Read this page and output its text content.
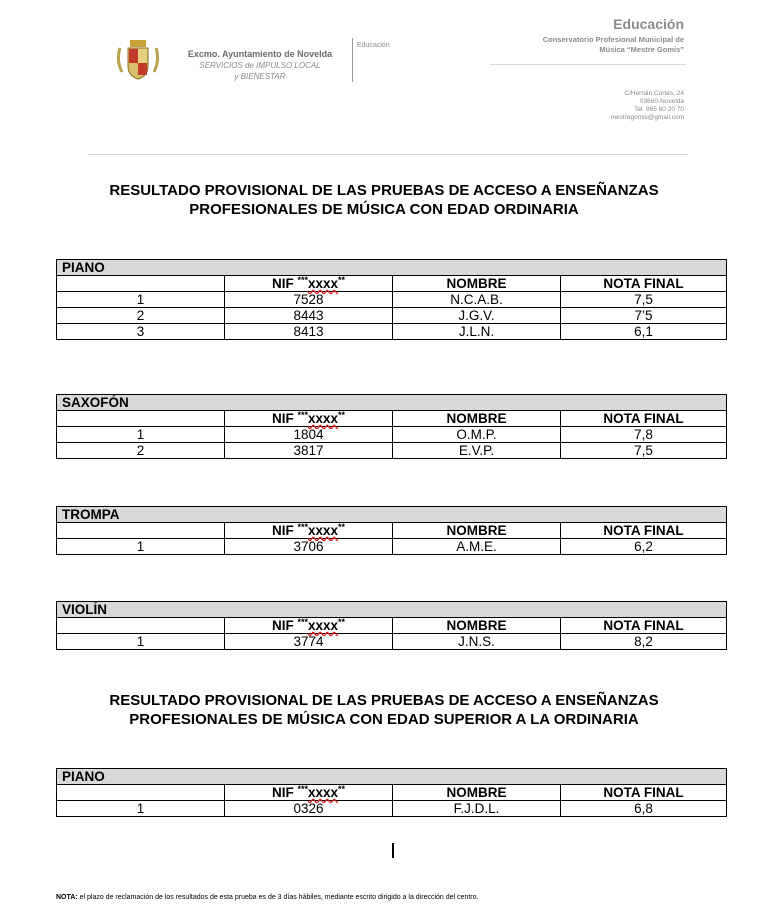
Excmo. Ayuntamiento de Novelda
SERVICIOS de IMPULSO LOCAL
y BIENESTAR
Educación
Educación
Conservatorio Profesional Municipal de
Música “Mestre Gomis”
C/Hernán Cortés, 24
03660-Novelda
Tel. 965 60 20 70
mestregomis@gmail.com
RESULTADO PROVISIONAL DE LAS PRUEBAS DE ACCESO A ENSEÑANZAS
PROFESIONALES DE MÚSICA CON EDAD ORDINARIA
PIANO			
	NIF ***xxxx**	NOMBRE	NOTA FINAL
1	7528	N.C.A.B.	7,5
2	8443	J.G.V.	7’5
3	8413	J.L.N.	6,1
SAXOFÓN			
	NIF ***xxxx**	NOMBRE	NOTA FINAL
1	1804	O.M.P.	7,8
2	3817	E.V.P.	7,5
TROMPA			
	NIF ***xxxx**	NOMBRE	NOTA FINAL
1	3706	A.M.E.	6,2
VIOLÍN			
	NIF ***xxxx**	NOMBRE	NOTA FINAL
1	3774	J.N.S.	8,2
RESULTADO PROVISIONAL DE LAS PRUEBAS DE ACCESO A ENSEÑANZAS
PROFESIONALES DE MÚSICA CON EDAD SUPERIOR A LA ORDINARIA
PIANO			
	NIF ***xxxx**	NOMBRE	NOTA FINAL
1	0326	F.J.D.L.	6,8
NOTA: el plazo de reclamación de los resultados de esta prueba es de 3 días hábiles, mediante escrito dirigido a la dirección del centro.
